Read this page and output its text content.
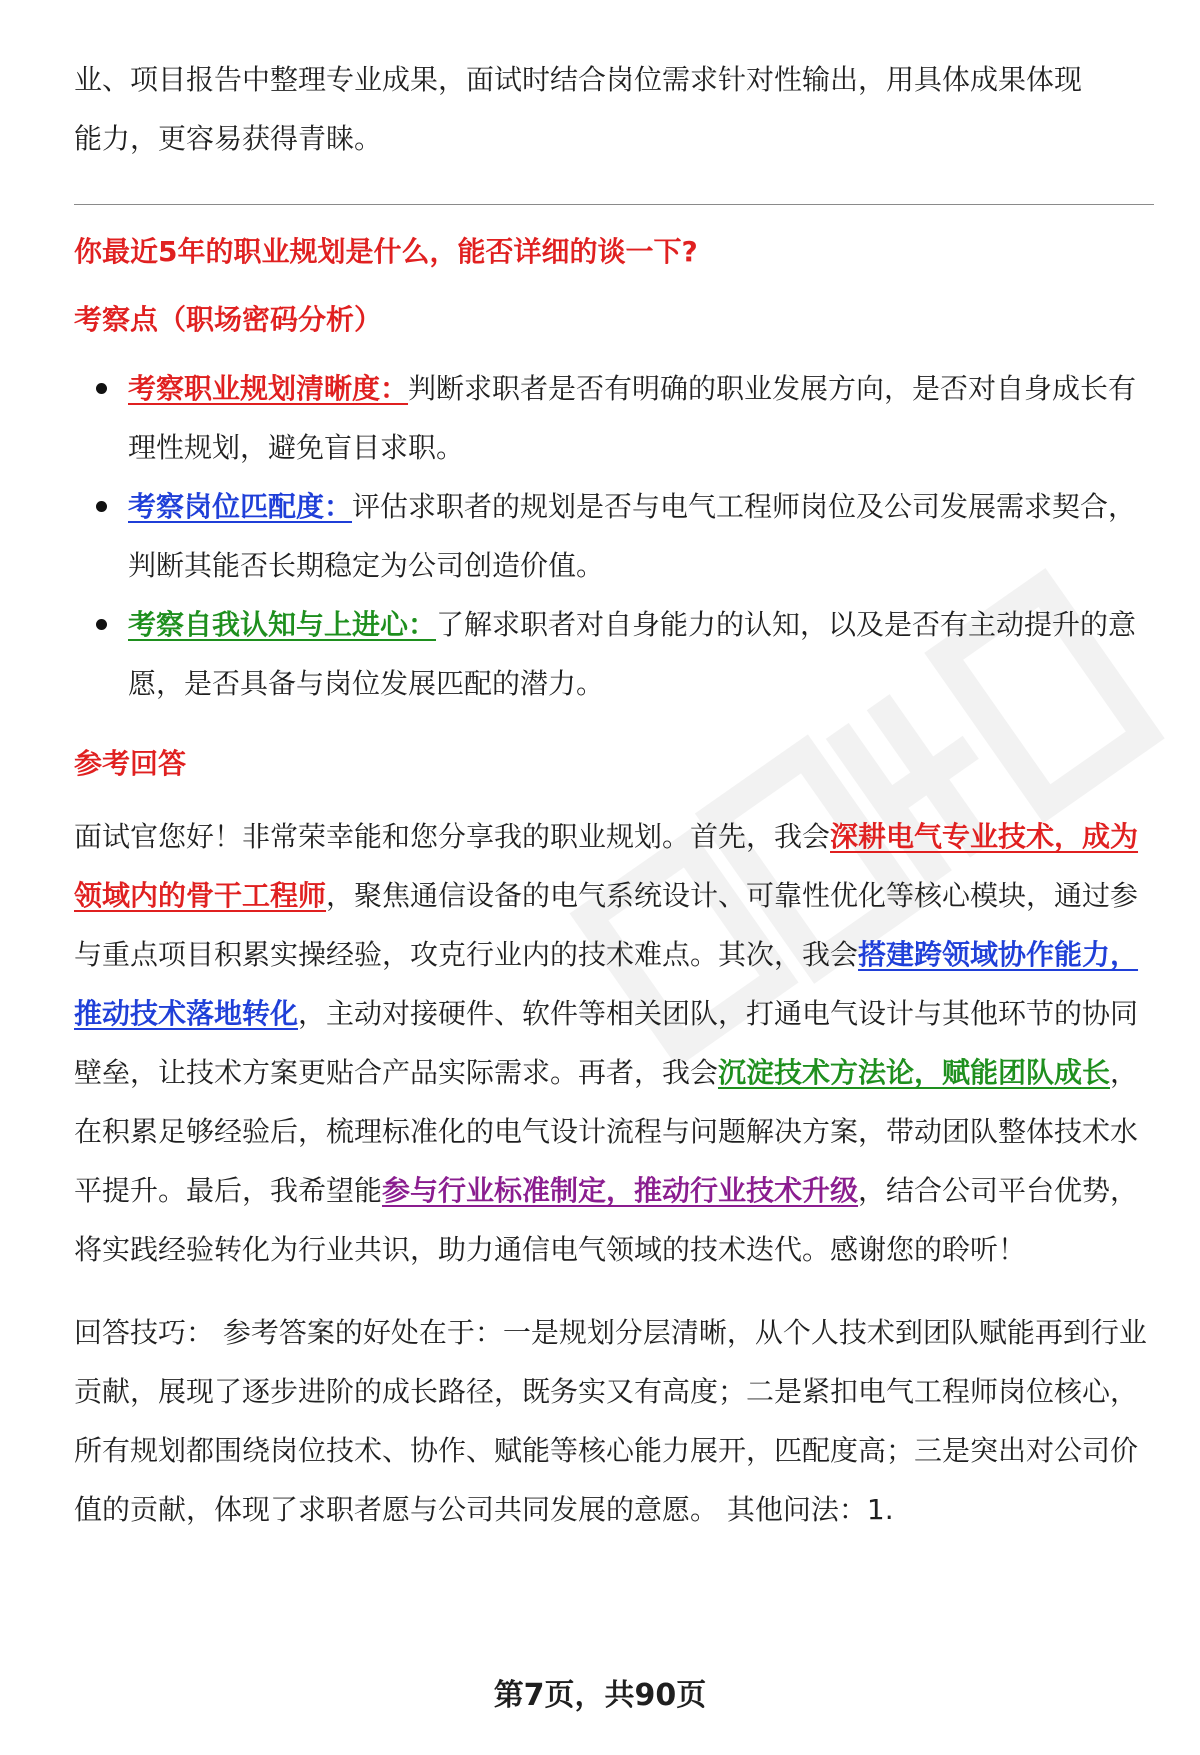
业、项目报告中整理专业成果，面试时结合岗位需求针对性输出，用具体成果体现
能力，更容易获得青睐。

你最近5年的职业规划是什么，能否详细的谈一下?
考察点（职场密码分析）
考察职业规划清晰度：判断求职者是否有明确的职业发展方向，是否对自身成长有理性规划，避免盲目求职。
考察岗位匹配度：评估求职者的规划是否与电气工程师岗位及公司发展需求契合，判断其能否长期稳定为公司创造价值。
考察自我认知与上进心：了解求职者对自身能力的认知，以及是否有主动提升的意愿，是否具备与岗位发展匹配的潜力。
参考回答

面试官您好！非常荣幸能和您分享我的职业规划。首先，我会深耕电气专业技术，成为领域内的骨干工程师，聚焦通信设备的电气系统设计、可靠性优化等核心模块，通过参与重点项目积累实操经验，攻克行业内的技术难点。其次，我会搭建跨领域协作能力，推动技术落地转化，主动对接硬件、软件等相关团队，打通电气设计与其他环节的协同壁垒，让技术方案更贴合产品实际需求。再者，我会沉淀技术方法论，赋能团队成长，在积累足够经验后，梳理标准化的电气设计流程与问题解决方案，带动团队整体技术水平提升。最后，我希望能参与行业标准制定，推动行业技术升级，结合公司平台优势，将实践经验转化为行业共识，助力通信电气领域的技术迭代。感谢您的聆听！

回答技巧： 参考答案的好处在于：一是规划分层清晰，从个人技术到团队赋能再到行业贡献，展现了逐步进阶的成长路径，既务实又有高度；二是紧扣电气工程师岗位核心，所有规划都围绕岗位技术、协作、赋能等核心能力展开，匹配度高；三是突出对公司价值的贡献，体现了求职者愿与公司共同发展的意愿。 其他问法：1.

第7页，共90页
